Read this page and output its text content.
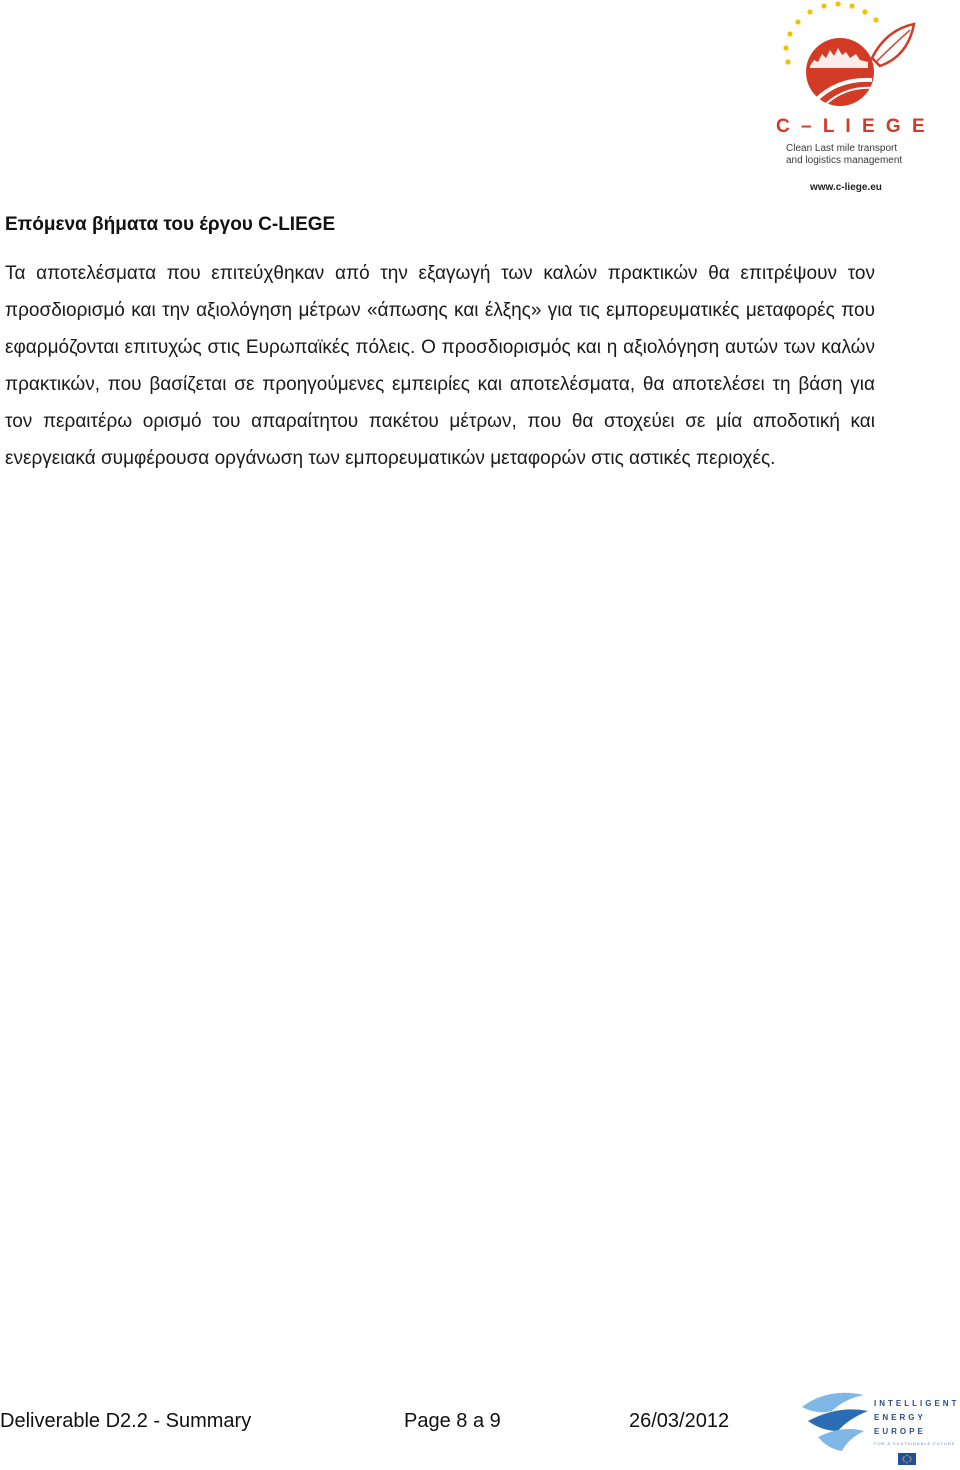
C – L I E G E
Clean Last mile transport
and logistics management
www.c-liege.eu
Επόμενα βήματα του έργου C-LIEGE

Τα αποτελέσματα που επιτεύχθηκαν από την εξαγωγή των καλών πρακτικών θα επιτρέψουν τον προσδιορισμό και την αξιολόγηση μέτρων «άπωσης και έλξης» για τις εμπορευματικές μεταφορές που εφαρμόζονται επιτυχώς στις Ευρωπαϊκές πόλεις. Ο προσδιορισμός και η αξιολόγηση αυτών των καλών πρακτικών, που βασίζεται σε προηγούμενες εμπειρίες και αποτελέσματα, θα αποτελέσει τη βάση για τον περαιτέρω ορισμό του απαραίτητου πακέτου μέτρων, που θα στοχεύει σε μία αποδοτική και ενεργειακά συμφέρουσα οργάνωση των εμπορευματικών μεταφορών στις αστικές περιοχές.

Deliverable D2.2 - Summary	Page 8 a 9	26/03/2012
INTELLIGENT
ENERGY
EUROPE
FOR A SUSTAINABLE FUTURE
